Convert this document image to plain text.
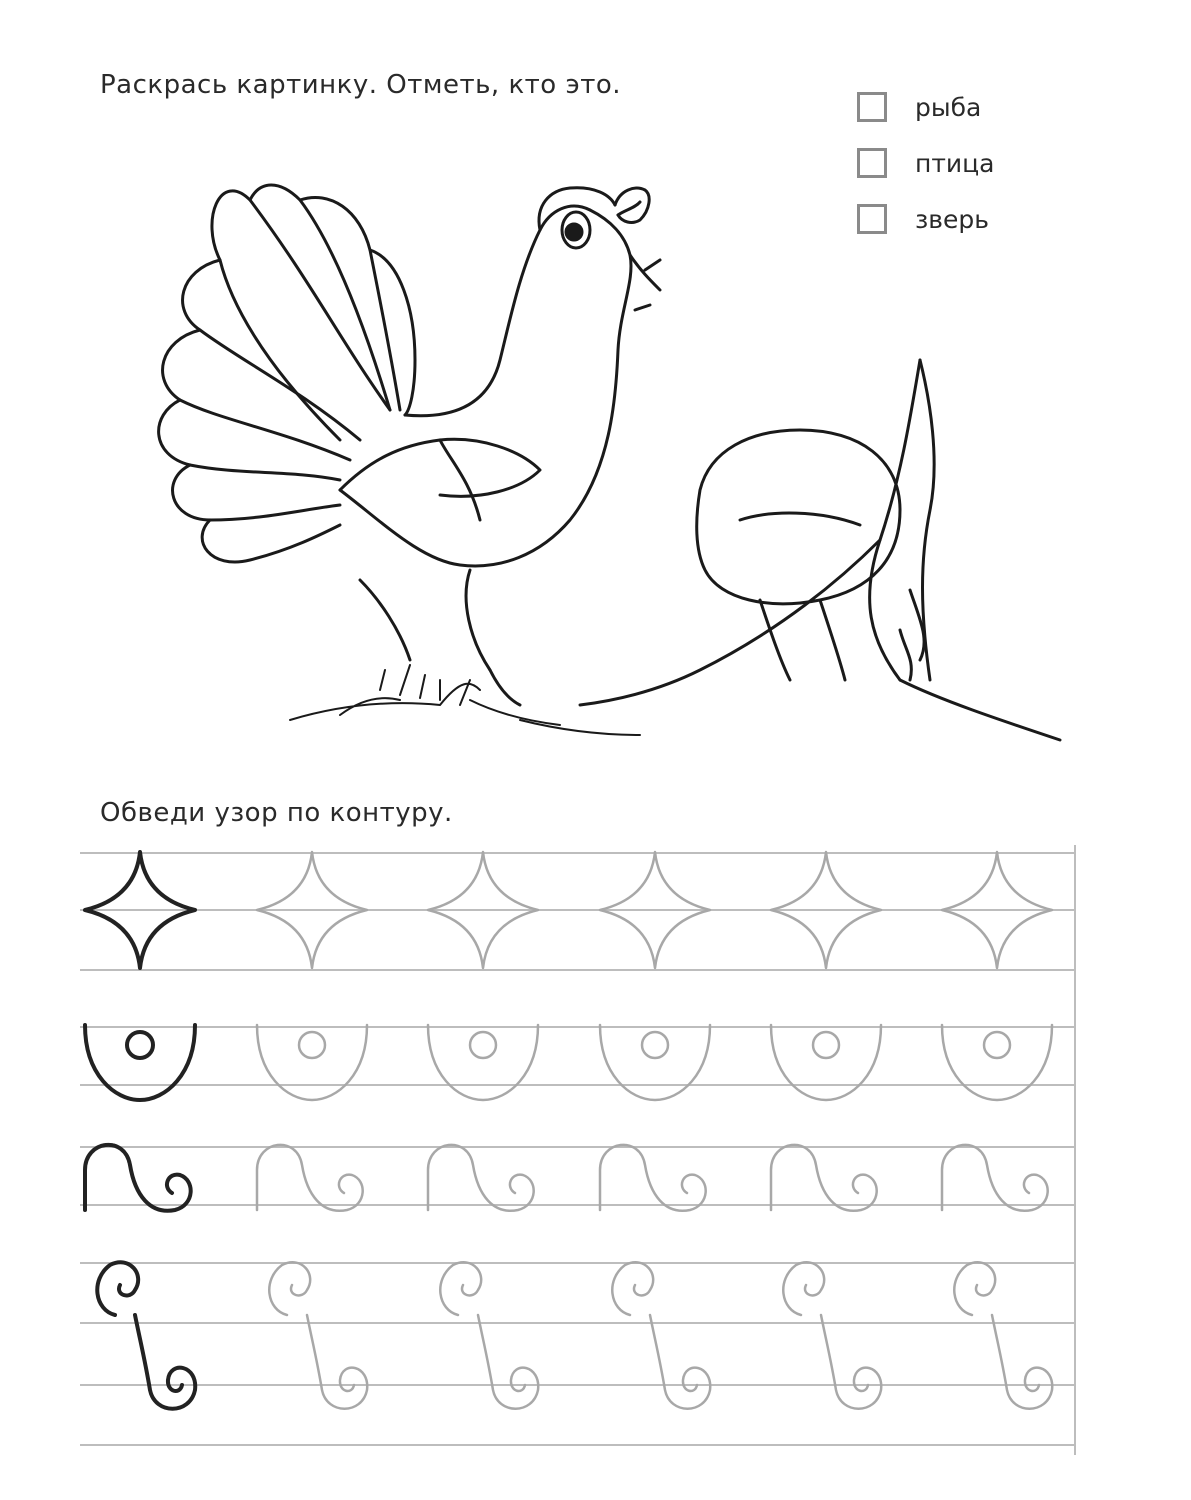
Раскрась картинку. Отметь, кто это.
рыба
птица
зверь
Обведи узор по контуру.
